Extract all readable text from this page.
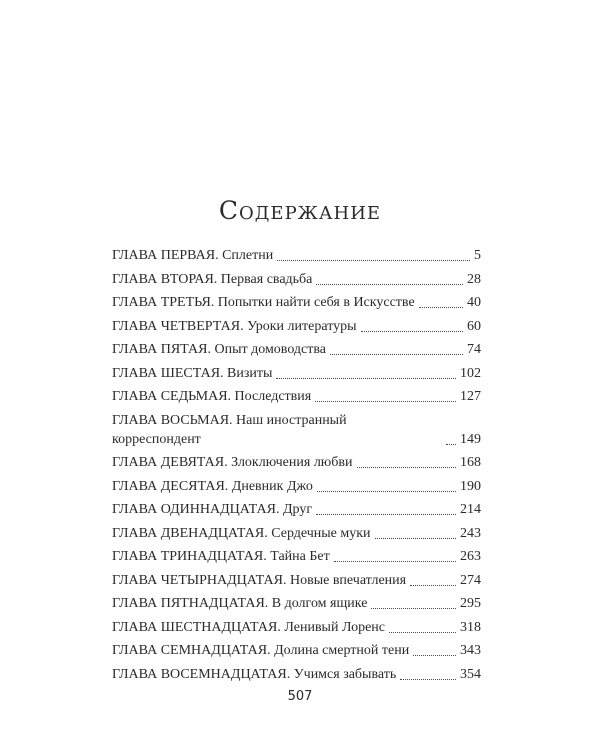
Содержание
ГЛАВА ПЕРВАЯ. Сплетни	5
ГЛАВА ВТОРАЯ. Первая свадьба	28
ГЛАВА ТРЕТЬЯ. Попытки найти себя в Искусстве	40
ГЛАВА ЧЕТВЕРТАЯ. Уроки литературы	60
ГЛАВА ПЯТАЯ. Опыт домоводства	74
ГЛАВА ШЕСТАЯ. Визиты	102
ГЛАВА СЕДЬМАЯ. Последствия	127
ГЛАВА ВОСЬМАЯ. Наш иностранный
корреспондент	149
ГЛАВА ДЕВЯТАЯ. Злоключения любви	168
ГЛАВА ДЕСЯТАЯ. Дневник Джо	190
ГЛАВА ОДИННАДЦАТАЯ. Друг	214
ГЛАВА ДВЕНАДЦАТАЯ. Сердечные муки	243
ГЛАВА ТРИНАДЦАТАЯ. Тайна Бет	263
ГЛАВА ЧЕТЫРНАДЦАТАЯ. Новые впечатления	274
ГЛАВА ПЯТНАДЦАТАЯ. В долгом ящике	295
ГЛАВА ШЕСТНАДЦАТАЯ. Ленивый Лоренс	318
ГЛАВА СЕМНАДЦАТАЯ. Долина смертной тени	343
ГЛАВА ВОСЕМНАДЦАТАЯ. Учимся забывать	354
507
